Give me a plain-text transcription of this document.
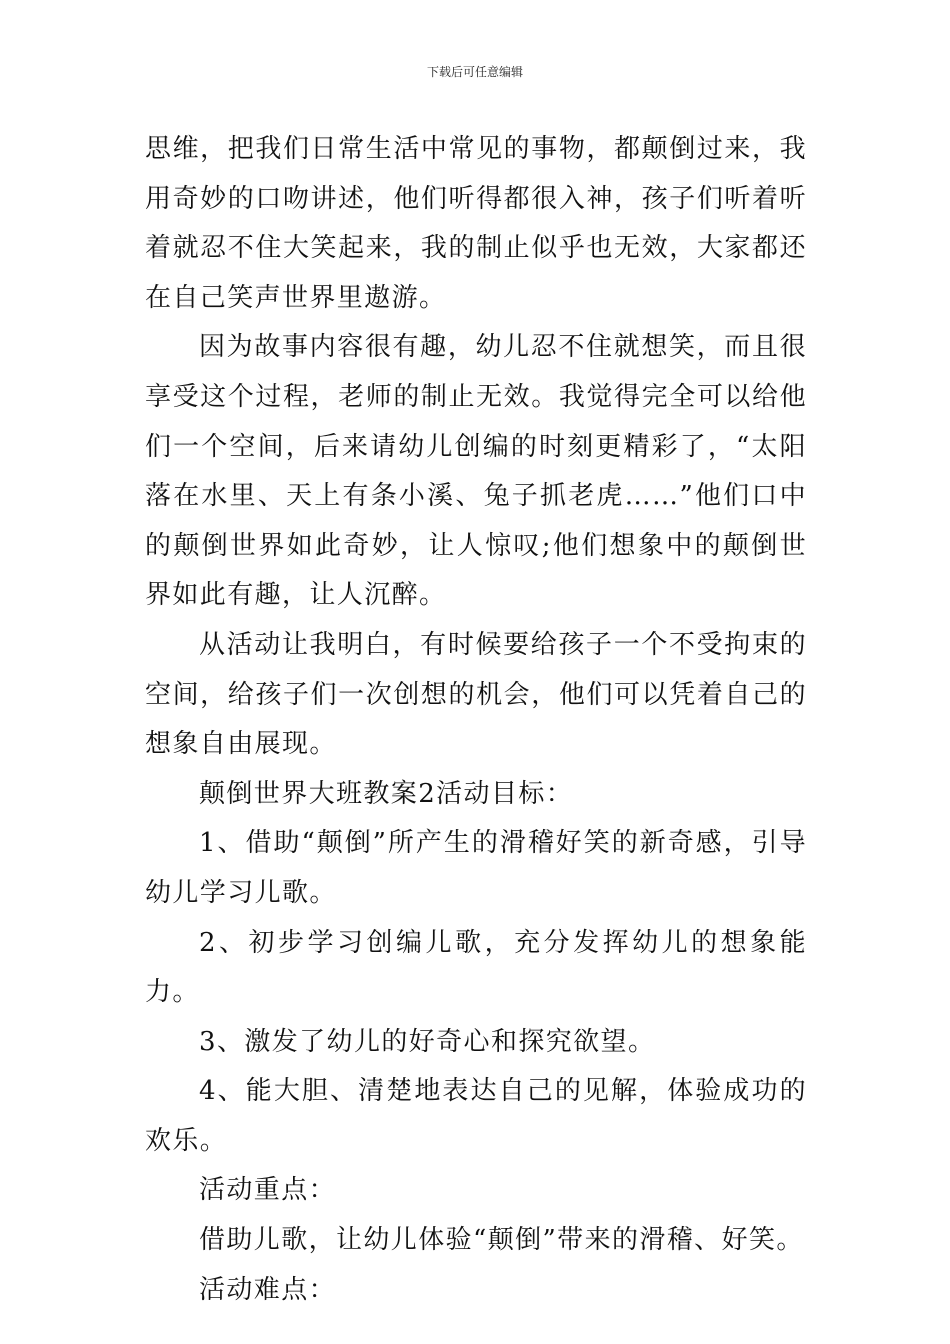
下载后可任意编辑

思维，把我们日常生活中常见的事物，都颠倒过来，我用奇妙的口吻讲述，他们听得都很入神，孩子们听着听着就忍不住大笑起来，我的制止似乎也无效，大家都还在自己笑声世界里遨游。

因为故事内容很有趣，幼儿忍不住就想笑，而且很享受这个过程，老师的制止无效。我觉得完全可以给他们一个空间，后来请幼儿创编的时刻更精彩了，“太阳落在水里、天上有条小溪、兔子抓老虎……”他们口中的颠倒世界如此奇妙，让人惊叹;他们想象中的颠倒世界如此有趣，让人沉醉。

从活动让我明白，有时候要给孩子一个不受拘束的空间，给孩子们一次创想的机会，他们可以凭着自己的想象自由展现。

颠倒世界大班教案2活动目标：

1、借助“颠倒”所产生的滑稽好笑的新奇感，引导幼儿学习儿歌。

2、初步学习创编儿歌，充分发挥幼儿的想象能力。

3、激发了幼儿的好奇心和探究欲望。

4、能大胆、清楚地表达自己的见解，体验成功的欢乐。

活动重点：

借助儿歌，让幼儿体验“颠倒”带来的滑稽、好笑。

活动难点：
